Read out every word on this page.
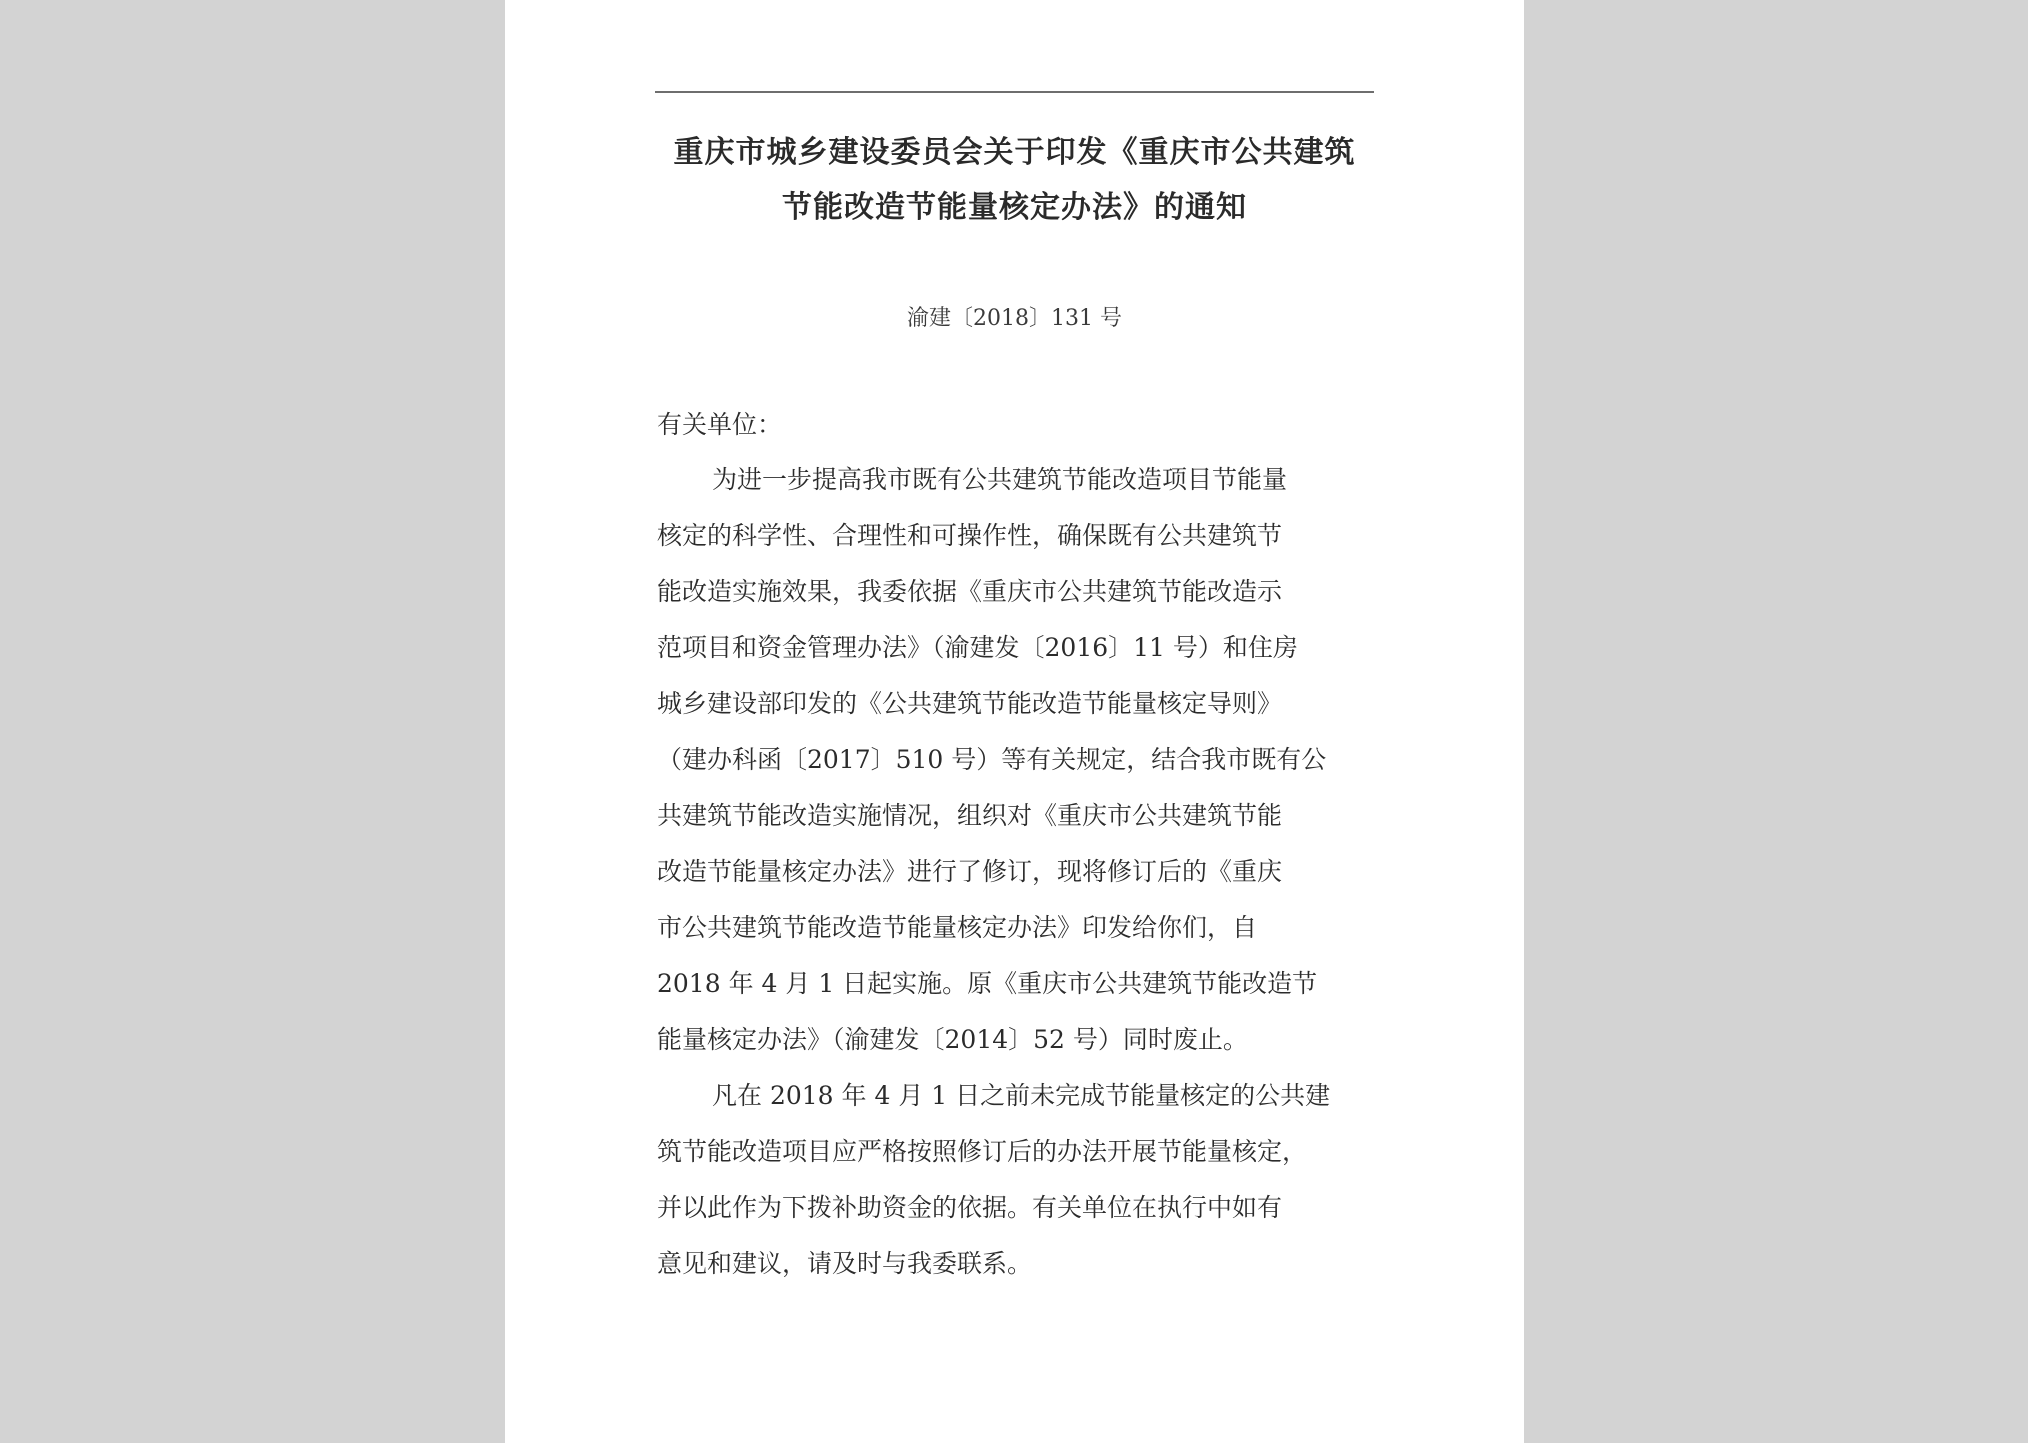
重庆市城乡建设委员会关于印发《重庆市公共建筑
节能改造节能量核定办法》的通知
渝建〔2018〕131 号
有关单位：
为进一步提高我市既有公共建筑节能改造项目节能量
核定的科学性、合理性和可操作性，确保既有公共建筑节
能改造实施效果，我委依据《重庆市公共建筑节能改造示
范项目和资金管理办法》（渝建发〔2016〕11 号）和住房
城乡建设部印发的《公共建筑节能改造节能量核定导则》
（建办科函〔2017〕510 号）等有关规定，结合我市既有公
共建筑节能改造实施情况，组织对《重庆市公共建筑节能
改造节能量核定办法》进行了修订，现将修订后的《重庆
市公共建筑节能改造节能量核定办法》印发给你们，自
2018 年 4 月 1 日起实施。原《重庆市公共建筑节能改造节
能量核定办法》（渝建发〔2014〕52 号）同时废止。
凡在 2018 年 4 月 1 日之前未完成节能量核定的公共建
筑节能改造项目应严格按照修订后的办法开展节能量核定，
并以此作为下拨补助资金的依据。有关单位在执行中如有
意见和建议，请及时与我委联系。
